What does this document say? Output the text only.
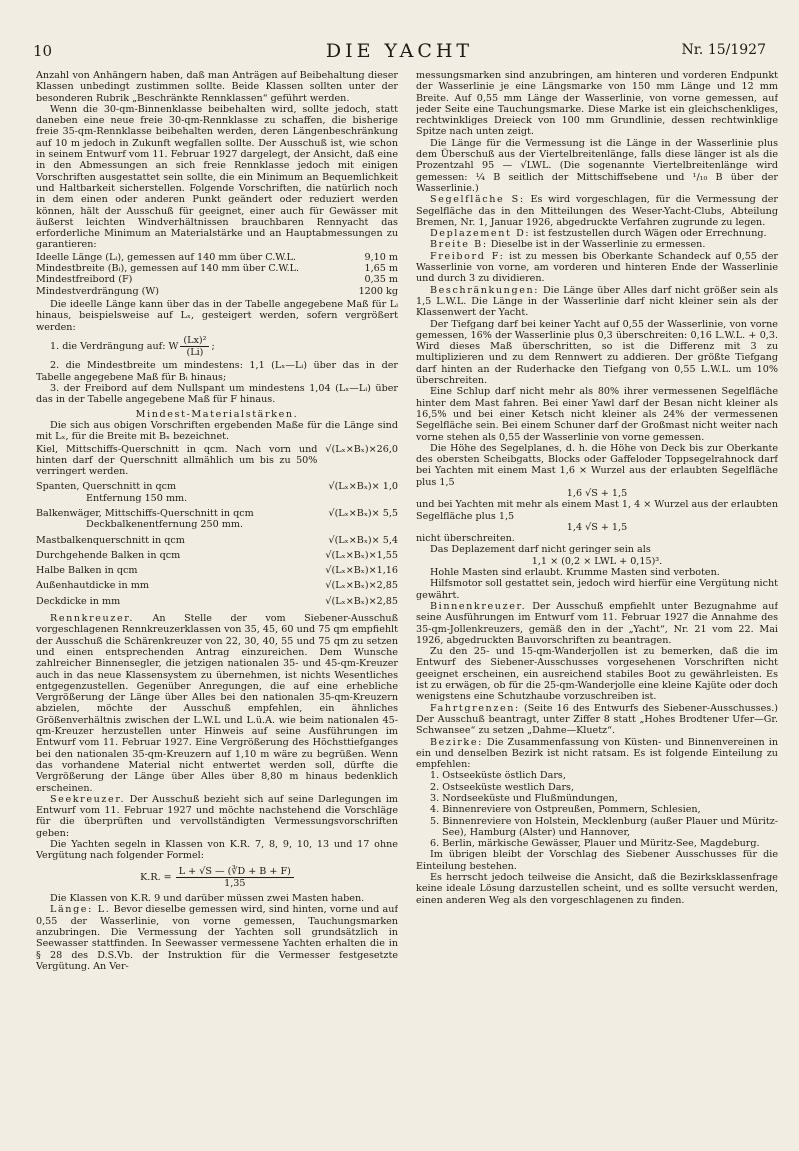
10	DIE YACHT	Nr. 15/1927

Anzahl von Anhängern haben, daß man Anträgen auf Beibehaltung dieser Klassen unbedingt zustimmen sollte. Beide Klassen sollten unter der besonderen Rubrik „Beschränkte Rennklassen“ geführt werden.

Wenn die 30-qm-Binnenklasse beibehalten wird, sollte jedoch, statt daneben eine neue freie 30-qm-Rennklasse zu schaffen, die bisherige freie 35-qm-Rennklasse beibehalten werden, deren Längenbeschränkung auf 10 m jedoch in Zukunft wegfallen sollte. Der Ausschuß ist, wie schon in seinem Entwurf vom 11. Februar 1927 dargelegt, der Ansicht, daß eine in den Abmessungen an sich freie Rennklasse jedoch mit einigen Vorschriften ausgestattet sein sollte, die ein Minimum an Bequemlichkeit und Haltbarkeit sicherstellen. Folgende Vorschriften, die natürlich noch in dem einen oder anderen Punkt geändert oder reduziert werden können, hält der Ausschuß für geeignet, einer auch für Gewässer mit äußerst leichten Windverhältnissen brauchbaren Rennyacht das erforderliche Minimum an Materialstärke und an Hauptabmessungen zu garantieren:

Ideelle Länge (Lᵢ), gemessen auf 140 mm über C.W.L.	9,10 m
Mindestbreite (Bᵢ), gemessen auf 140 mm über C.W.L.	1,65 m
Mindestfreibord (F)	0,35 m
Mindestverdrängung (W)	1200 kg

Die ideelle Länge kann über das in der Tabelle angegebene Maß für Lᵢ hinaus, beispielsweise auf Lₓ, gesteigert werden, sofern vergrößert werden:

1. die Verdrängung auf: W $\frac{\text{(Lx)²}}{(Li)}$ ;

2. die Mindestbreite um mindestens: 1,1 (Lₓ—Lᵢ) über das in der Tabelle angegebene Maß für Bᵢ hinaus;

3. der Freibord auf dem Nullspant um mindestens 1,04 (Lₓ—Lᵢ) über das in der Tabelle angegebene Maß für F hinaus.

Mindest-Materialstärken.

Die sich aus obigen Vorschriften ergebenden Maße für die Länge sind mit Lₓ, für die Breite mit Bₓ bezeichnet.

Kiel, Mittschiffs-Querschnitt in qcm. Nach vorn und hinten darf der Querschnitt allmählich um bis zu 50% verringert werden.
√(Lₓ×Bₓ)×26,0
Spanten, Querschnitt in qcm	√(Lₓ×Bₓ)× 1,0
Entfernung 150 mm.
Balkenwäger, Mittschiffs-Querschnitt in qcm	√(Lₓ×Bₓ)× 5,5
Deckbalkenentfernung 250 mm.
Mastbalkenquerschnitt in qcm	√(Lₓ×Bₓ)× 5,4
Durchgehende Balken in qcm	√(Lₓ×Bₓ)×1,55
Halbe Balken in qcm	√(Lₓ×Bₓ)×1,16
Außenhautdicke in mm	√(Lₓ×Bₓ)×2,85
Deckdicke in mm	√(Lₓ×Bₓ)×2,85

Rennkreuzer. An Stelle der vom Siebener-Ausschuß vorgeschlagenen Rennkreuzerklassen von 35, 45, 60 und 75 qm empfiehlt der Ausschuß die Schärenkreuzer von 22, 30, 40, 55 und 75 qm zu setzen und einen entsprechenden Antrag einzureichen. Dem Wunsche zahlreicher Binnensegler, die jetzigen nationalen 35- und 45-qm-Kreuzer auch in das neue Klassensystem zu übernehmen, ist nichts Wesentliches entgegenzustellen. Gegenüber Anregungen, die auf eine erhebliche Vergrößerung der Länge über Alles bei den nationalen 35-qm-Kreuzern abzielen, möchte der Ausschuß empfehlen, ein ähnliches Größenverhältnis zwischen der L.W.L und L.ü.A. wie beim nationalen 45-qm-Kreuzer herzustellen unter Hinweis auf seine Ausführungen im Entwurf vom 11. Februar 1927. Eine Vergrößerung des Höchsttiefganges bei den nationalen 35-qm-Kreuzern auf 1,10 m wäre zu begrüßen. Wenn das vorhandene Material nicht entwertet werden soll, dürfte die Vergrößerung der Länge über Alles über 8,80 m hinaus bedenklich erscheinen.

Seekreuzer. Der Ausschuß bezieht sich auf seine Darlegungen im Entwurf vom 11. Februar 1927 und möchte nachstehend die Vorschläge für die überprüften und vervollständigten Vermessungsvorschriften geben:

Die Yachten segeln in Klassen von K.R. 7, 8, 9, 10, 13 und 17 ohne Vergütung nach folgender Formel:

K.R. = $\frac{L + √S — (∛D + B + F)}{1,35}$

Die Klassen von K.R. 9 und darüber müssen zwei Masten haben.

Länge: L. Bevor dieselbe gemessen wird, sind hinten, vorne und auf 0,55 der Wasserlinie, von vorne gemessen, Tauchungsmarken anzubringen. Die Vermessung der Yachten soll grundsätzlich in Seewasser stattfinden. In Seewasser vermessene Yachten erhalten die in § 28 des D.S.Vb. der Instruktion für die Vermesser festgesetzte Vergütung. An Ver-

messungsmarken sind anzubringen, am hinteren und vorderen Endpunkt der Wasserlinie je eine Längsmarke von 150 mm Länge und 12 mm Breite. Auf 0,55 mm Länge der Wasserlinie, von vorne gemessen, auf jeder Seite eine Tauchungsmarke. Diese Marke ist ein gleichschenkliges, rechtwinkliges Dreieck von 100 mm Grundlinie, dessen rechtwinklige Spitze nach unten zeigt.

Die Länge für die Vermessung ist die Länge in der Wasserlinie plus dem Überschuß aus der Viertelbreitenlänge, falls diese länger ist als die Prozentzahl 95 — √LWL. (Die sogenannte Viertelbreitenlänge wird gemessen: ¼ B seitlich der Mittschiffsebene und ¹/₁₀ B über der Wasserlinie.)

Segelfläche S: Es wird vorgeschlagen, für die Vermessung der Segelfläche das in den Mitteilungen des Weser-Yacht-Clubs, Abteilung Bremen, Nr. 1, Januar 1926, abgedruckte Verfahren zugrunde zu legen.

Deplazement D: ist festzustellen durch Wägen oder Errechnung.

Breite B: Dieselbe ist in der Wasserlinie zu ermessen.

Freibord F: ist zu messen bis Oberkante Schandeck auf 0,55 der Wasserlinie von vorne, am vorderen und hinteren Ende der Wasserlinie und durch 3 zu dividieren.

Beschränkungen: Die Länge über Alles darf nicht größer sein als 1,5 L.W.L. Die Länge in der Wasserlinie darf nicht kleiner sein als der Klassenwert der Yacht.

Der Tiefgang darf bei keiner Yacht auf 0,55 der Wasserlinie, von vorne gemessen, 16% der Wasserlinie plus 0,3 überschreiten: 0,16 L.W.L. + 0,3. Wird dieses Maß überschritten, so ist die Differenz mit 3 zu multiplizieren und zu dem Rennwert zu addieren. Der größte Tiefgang darf hinten an der Ruderhacke den Tiefgang von 0,55 L.W.L. um 10% überschreiten.

Eine Schlup darf nicht mehr als 80% ihrer vermessenen Segelfläche hinter dem Mast fahren. Bei einer Yawl darf der Besan nicht kleiner als 16,5% und bei einer Ketsch nicht kleiner als 24% der vermessenen Segelfläche sein. Bei einem Schuner darf der Großmast nicht weiter nach vorne stehen als 0,55 der Wasserlinie von vorne gemessen.

Die Höhe des Segelplanes, d. h. die Höhe von Deck bis zur Oberkante des obersten Scheibgatts, Blocks oder Gaffeloder Toppsegelrahnock darf bei Yachten mit einem Mast 1,6 × Wurzel aus der erlaubten Segelfläche plus 1,5

1,6 √S + 1,5

und bei Yachten mit mehr als einem Mast 1, 4 × Wurzel aus der erlaubten Segelfläche plus 1,5

1,4 √S + 1,5

nicht überschreiten.

Das Deplazement darf nicht geringer sein als

1,1 × (0,2 × LWL + 0,15)³.

Hohle Masten sind erlaubt. Krumme Masten sind verboten.

Hilfsmotor soll gestattet sein, jedoch wird hierfür eine Vergütung nicht gewährt.

Binnenkreuzer. Der Ausschuß empfiehlt unter Bezugnahme auf seine Ausführungen im Entwurf vom 11. Februar 1927 die Annahme des 35-qm-Jollenkreuzers, gemäß den in der „Yacht“, Nr. 21 vom 22. Mai 1926, abgedruckten Bauvorschriften zu beantragen.

Zu den 25- und 15-qm-Wanderjollen ist zu bemerken, daß die im Entwurf des Siebener-Ausschusses vorgesehenen Vorschriften nicht geeignet erscheinen, ein ausreichend stabiles Boot zu gewährleisten. Es ist zu erwägen, ob für die 25-qm-Wanderjolle eine kleine Kajüte oder doch wenigstens eine Schutzhaube vorzuschreiben ist.

Fahrtgrenzen: (Seite 16 des Entwurfs des Siebener-Ausschusses.) Der Ausschuß beantragt, unter Ziffer 8 statt „Hohes Brodtener Ufer—Gr. Schwansee“ zu setzen „Dahme—Kluetz“.

Bezirke: Die Zusammenfassung von Küsten- und Binnenvereinen in ein und denselben Bezirk ist nicht ratsam. Es ist folgende Einteilung zu empfehlen:

1. Ostseeküste östlich Dars,
2. Ostseeküste westlich Dars,
3. Nordseeküste und Flußmündungen,
4. Binnenreviere von Ostpreußen, Pommern, Schlesien,
5. Binnenreviere von Holstein, Mecklenburg (außer Plauer und Müritz-See), Hamburg (Alster) und Hannover,
6. Berlin, märkische Gewässer, Plauer und Müritz-See, Magdeburg.

Im übrigen bleibt der Vorschlag des Siebener Ausschusses für die Einteilung bestehen.

Es herrscht jedoch teilweise die Ansicht, daß die Bezirksklassenfrage keine ideale Lösung darzustellen scheint, und es sollte versucht werden, einen anderen Weg als den vorgeschlagenen zu finden.
